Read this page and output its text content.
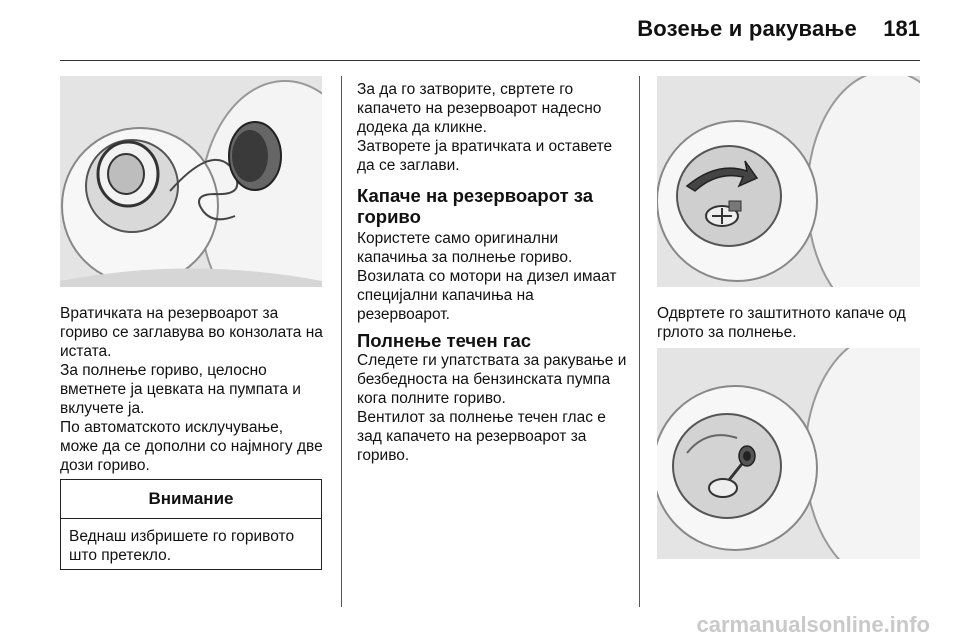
Возење и ракување 181

Вратичката на резервоарот за гориво се заглавува во конзолата на истата.

За полнење гориво, целосно вметнете ја цевката на пумпата и вклучете ја.

По автоматското исклучување, може да се дополни со најмногу две дози гориво.

Внимание
Веднаш избришете го горивото што претекло.

За да го затворите, свртете го капачето на резервоарот надесно додека да кликне.

Затворете ја вратичката и оставете да се заглави.

Капаче на резервоарот за гориво

Користете само оригинални капачиња за полнење гориво. Возилата со мотори на дизел имаат специјални капачиња на резервоарот.

Полнење течен гас

Следете ги упатствата за ракување и безбедноста на бензинската пумпа кога полните гориво.

Вентилот за полнење течен глас е зад капачето на резервоарот за гориво.

Одвртете го заштитното капаче од грлото за полнење.

carmanualsonline.info
